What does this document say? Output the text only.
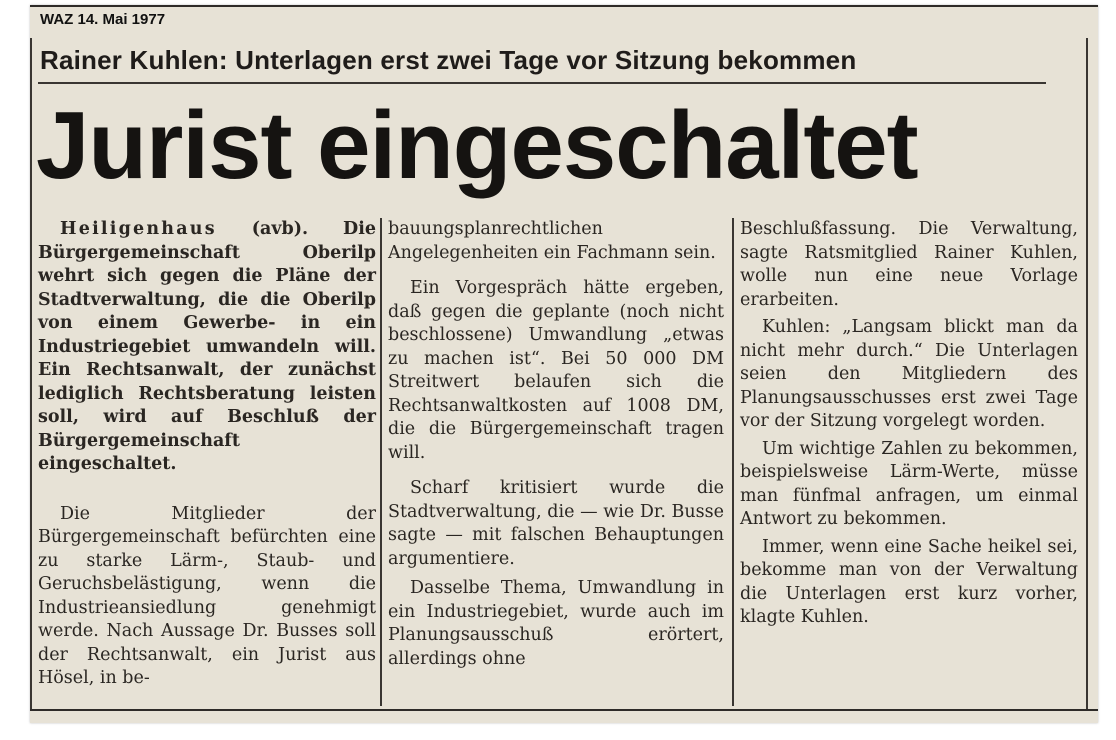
WAZ 14. Mai 1977
Rainer Kuhlen: Unterlagen erst zwei Tage vor Sitzung bekommen
Jurist eingeschaltet

Heiligenhaus (avb). Die Bürgergemeinschaft Oberilp wehrt sich gegen die Pläne der Stadtverwaltung, die die Oberilp von einem Gewerbe- in ein Industriegebiet umwandeln will. Ein Rechtsanwalt, der zunächst lediglich Rechtsberatung leisten soll, wird auf Beschluß der Bürgergemeinschaft eingeschaltet.

Die Mitglieder der Bürgergemeinschaft befürchten eine zu starke Lärm-, Staub- und Geruchsbelästigung, wenn die Industrieansiedlung genehmigt werde. Nach Aussage Dr. Busses soll der Rechtsanwalt, ein Jurist aus Hösel, in be-

bauungsplanrechtlichen Angelegenheiten ein Fachmann sein.

Ein Vorgespräch hätte ergeben, daß gegen die geplante (noch nicht beschlossene) Umwandlung „etwas zu machen ist“. Bei 50 000 DM Streitwert belaufen sich die Rechtsanwaltkosten auf 1008 DM, die die Bürgergemeinschaft tragen will.

Scharf kritisiert wurde die Stadtverwaltung, die — wie Dr. Busse sagte — mit falschen Behauptungen argumentiere.

Dasselbe Thema, Umwandlung in ein Industriegebiet, wurde auch im Planungsausschuß erörtert, allerdings ohne

Beschlußfassung. Die Verwaltung, sagte Ratsmitglied Rainer Kuhlen, wolle nun eine neue Vorlage erarbeiten.

Kuhlen: „Langsam blickt man da nicht mehr durch.“ Die Unterlagen seien den Mitgliedern des Planungsausschusses erst zwei Tage vor der Sitzung vorgelegt worden.

Um wichtige Zahlen zu bekommen, beispielsweise Lärm-Werte, müsse man fünfmal anfragen, um einmal Antwort zu bekommen.

Immer, wenn eine Sache heikel sei, bekomme man von der Verwaltung die Unterlagen erst kurz vorher, klagte Kuhlen.
